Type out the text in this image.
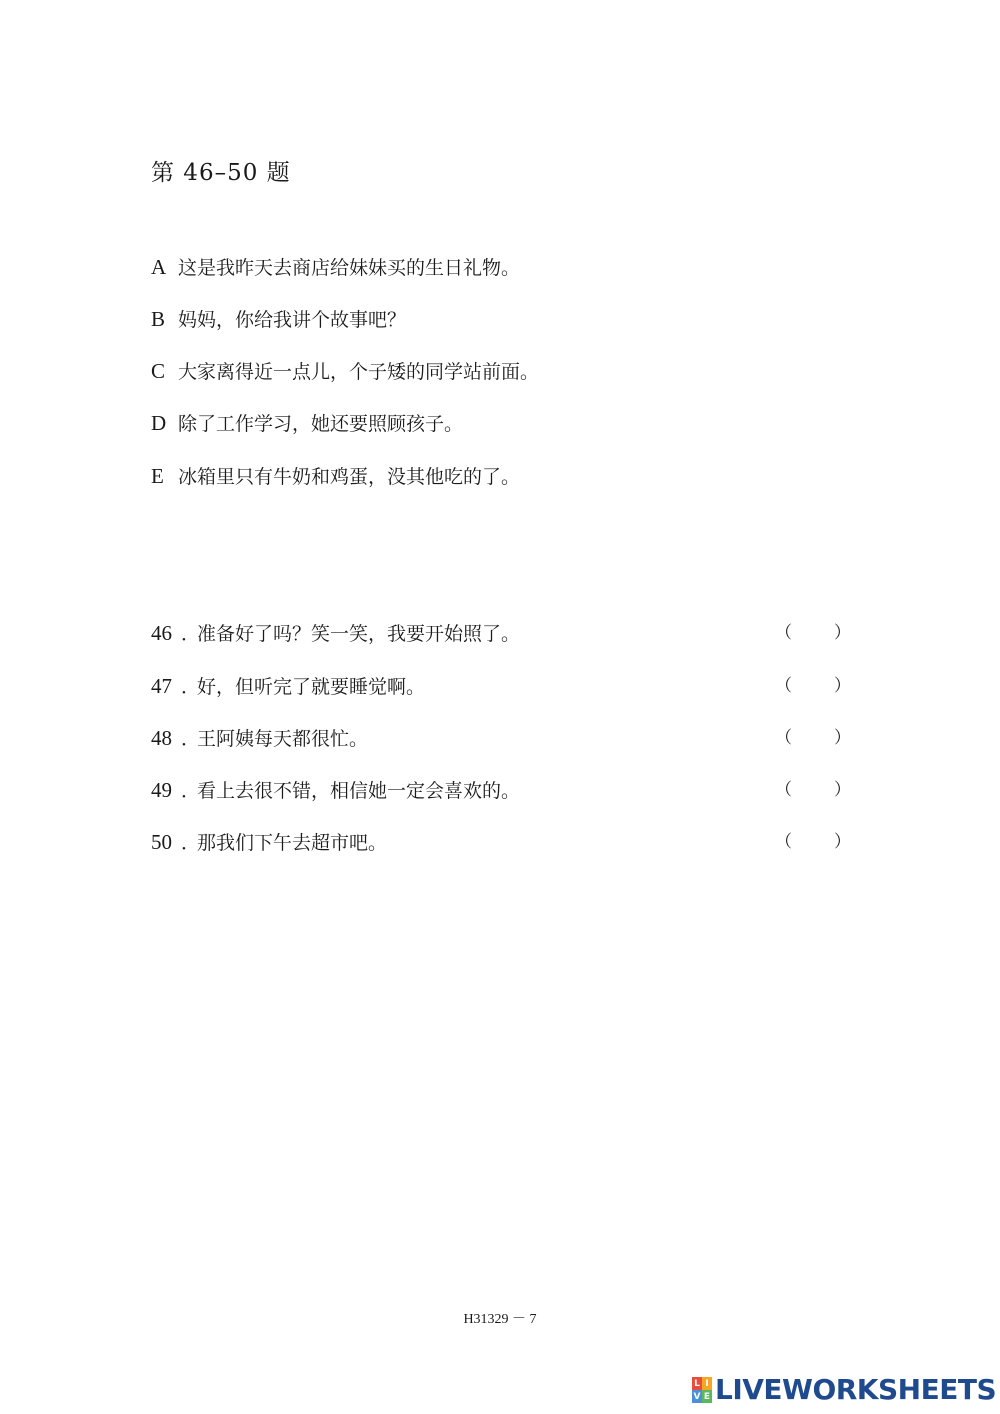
第 46–50 题
A 这是我昨天去商店给妹妹买的生日礼物。
B 妈妈，你给我讲个故事吧？
C 大家离得近一点儿，个子矮的同学站前面。
D 除了工作学习，她还要照顾孩子。
E 冰箱里只有牛奶和鸡蛋，没其他吃的了。
46 ．准备好了吗？笑一笑，我要开始照了。	（ ）
47 ．好，但听完了就要睡觉啊。	（ ）
48 ．王阿姨每天都很忙。	（ ）
49 ．看上去很不错，相信她一定会喜欢的。	（ ）
50 ．那我们下午去超市吧。	（ ）
H31329 － 7
L I
V E LIVEWORKSHEETS
